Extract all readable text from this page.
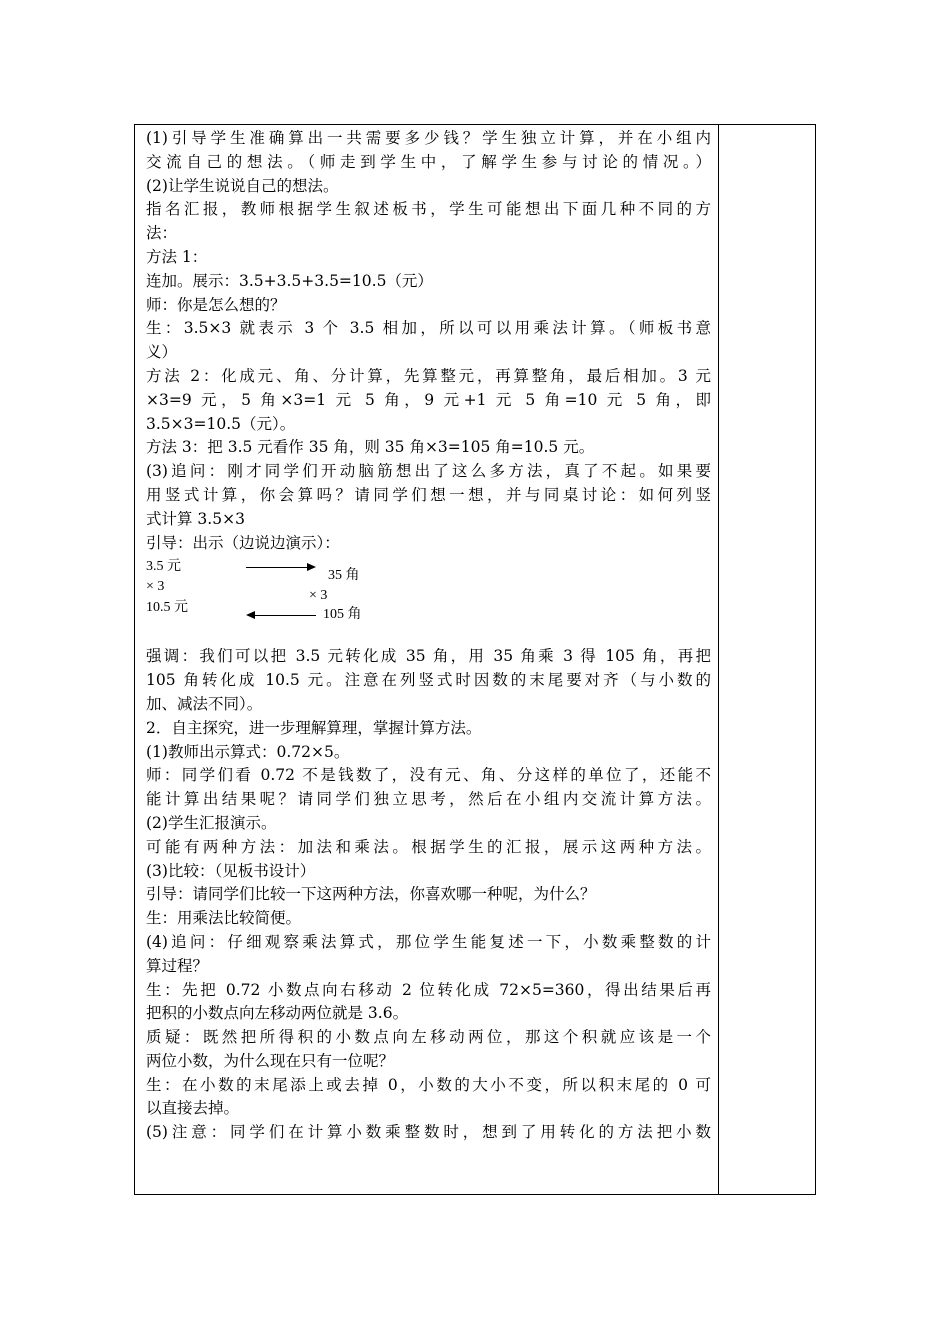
(1)引导学生准确算出一共需要多少钱？学生独立计算，并在小组内
交流自己的想法。（师走到学生中，了解学生参与讨论的情况。）
(2)让学生说说自己的想法。
指名汇报，教师根据学生叙述板书，学生可能想出下面几种不同的方
法：
方法 1：
连加。展示：3.5+3.5+3.5=10.5（元）
师：你是怎么想的？
生：3.5×3 就表示 3 个 3.5 相加，所以可以用乘法计算。（师板书意
义）
方法 2：化成元、角、分计算，先算整元，再算整角，最后相加。3 元
×3=9 元，5 角×3=1 元 5 角，9 元+1 元 5 角=10 元 5 角，即
3.5×3=10.5（元）。
方法 3：把 3.5 元看作 35 角，则 35 角×3=105 角=10.5 元。
(3)追问：刚才同学们开动脑筋想出了这么多方法，真了不起。如果要
用竖式计算，你会算吗？请同学们想一想，并与同桌讨论：如何列竖
式计算 3.5×3
引导：出示（边说边演示）：
3.5 元
× 3
10.5 元
35 角
× 3
105 角
强调：我们可以把 3.5 元转化成 35 角，用 35 角乘 3 得 105 角，再把
105 角转化成 10.5 元。注意在列竖式时因数的末尾要对齐（与小数的
加、减法不同）。
2．自主探究，进一步理解算理，掌握计算方法。
(1)教师出示算式：0.72×5。
师：同学们看 0.72 不是钱数了，没有元、角、分这样的单位了，还能不
能计算出结果呢？请同学们独立思考，然后在小组内交流计算方法。
(2)学生汇报演示。
可能有两种方法：加法和乘法。根据学生的汇报，展示这两种方法。
(3)比较：（见板书设计）
引导：请同学们比较一下这两种方法，你喜欢哪一种呢，为什么？
生：用乘法比较简便。
(4)追问：仔细观察乘法算式，那位学生能复述一下，小数乘整数的计
算过程？
生：先把 0.72 小数点向右移动 2 位转化成 72×5=360，得出结果后再
把积的小数点向左移动两位就是 3.6。
质疑：既然把所得积的小数点向左移动两位，那这个积就应该是一个
两位小数，为什么现在只有一位呢？
生：在小数的末尾添上或去掉 0，小数的大小不变，所以积末尾的 0 可
以直接去掉。
(5)注意：同学们在计算小数乘整数时，想到了用转化的方法把小数
